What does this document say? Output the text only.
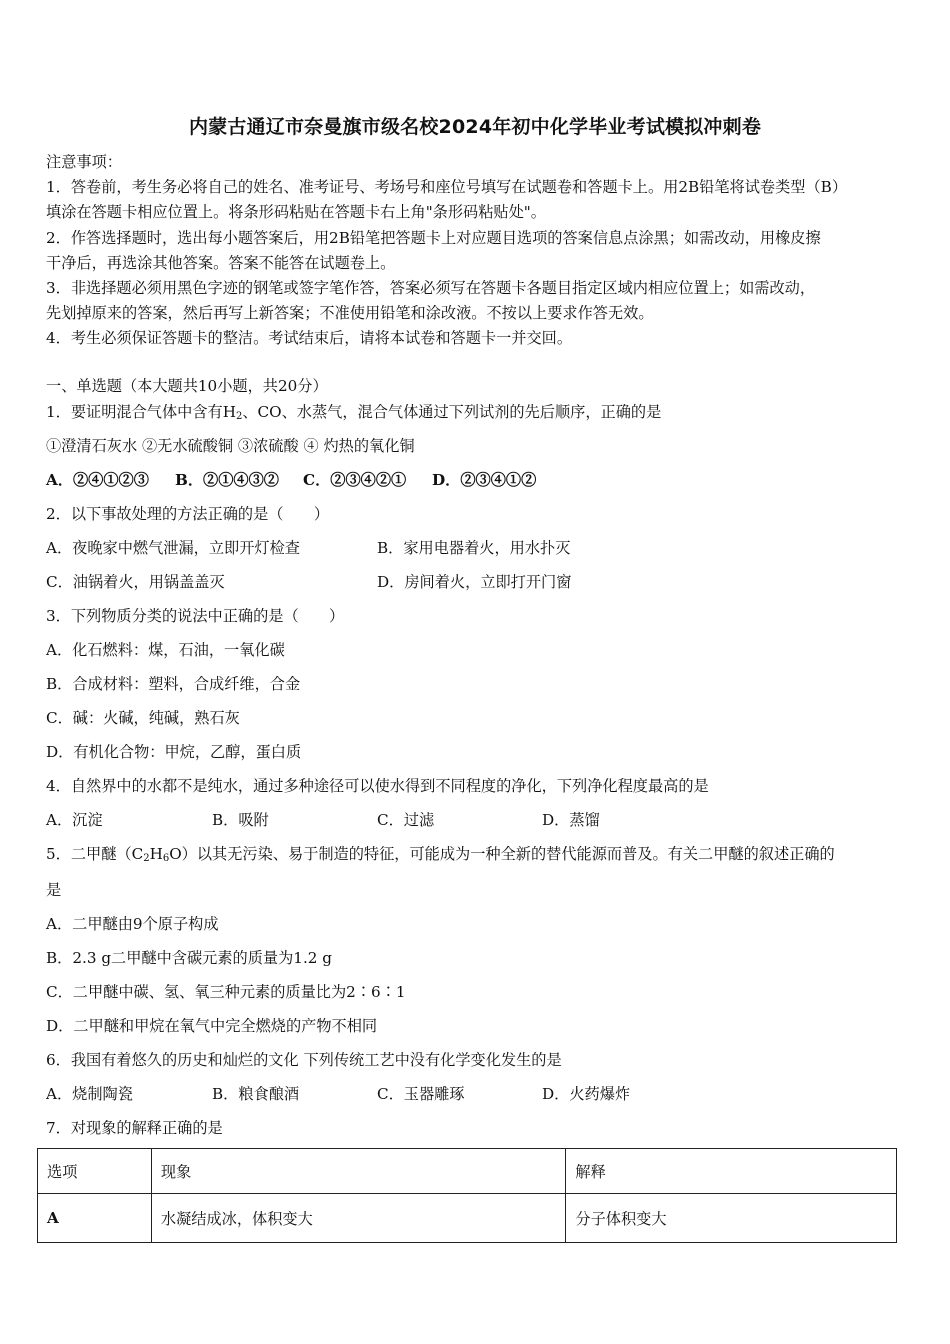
内蒙古通辽市奈曼旗市级名校2024年初中化学毕业考试模拟冲刺卷
注意事项：
1．答卷前，考生务必将自己的姓名、准考证号、考场号和座位号填写在试题卷和答题卡上。用2B铅笔将试卷类型（B）
填涂在答题卡相应位置上。将条形码粘贴在答题卡右上角"条形码粘贴处"。
2．作答选择题时，选出每小题答案后，用2B铅笔把答题卡上对应题目选项的答案信息点涂黑；如需改动，用橡皮擦
干净后，再选涂其他答案。答案不能答在试题卷上。
3．非选择题必须用黑色字迹的钢笔或签字笔作答，答案必须写在答题卡各题目指定区域内相应位置上；如需改动，
先划掉原来的答案，然后再写上新答案；不准使用铅笔和涂改液。不按以上要求作答无效。
4．考生必须保证答题卡的整洁。考试结束后，请将本试卷和答题卡一并交回。
一、单选题（本大题共10小题，共20分）
1．要证明混合气体中含有$H_2$、CO、水蒸气，混合气体通过下列试剂的先后顺序，正确的是
①澄清石灰水 ②无水硫酸铜 ③浓硫酸 ④ 灼热的氧化铜
A．②④①②③ B．②①④③② C．②③④②① D．②③④①②
2．以下事故处理的方法正确的是（　　）
A．夜晚家中燃气泄漏，立即开灯检查	B．家用电器着火，用水扑灭
C．油锅着火，用锅盖盖灭	D．房间着火，立即打开门窗
3．下列物质分类的说法中正确的是（　　）
A．化石燃料：煤，石油，一氧化碳
B．合成材料：塑料，合成纤维，合金
C．碱：火碱，纯碱，熟石灰
D．有机化合物：甲烷，乙醇，蛋白质
4．自然界中的水都不是纯水，通过多种途径可以使水得到不同程度的净化，下列净化程度最高的是
A．沉淀	B．吸附	C．过滤	D．蒸馏
5．二甲醚$(C_2H_6O)$以其无污染、易于制造的特征，可能成为一种全新的替代能源而普及。有关二甲醚的叙述正确的
是
A．二甲醚由9个原子构成
B．2.3 g二甲醚中含碳元素的质量为1.2 g
C．二甲醚中碳、氢、氧三种元素的质量比为2∶6∶1
D．二甲醚和甲烷在氧气中完全燃烧的产物不相同
6．我国有着悠久的历史和灿烂的文化 下列传统工艺中没有化学变化发生的是
A．烧制陶瓷	B．粮食酿酒	C．玉器雕琢	D．火药爆炸
7．对现象的解释正确的是
选项	现象	解释
A	水凝结成冰，体积变大	分子体积变大
